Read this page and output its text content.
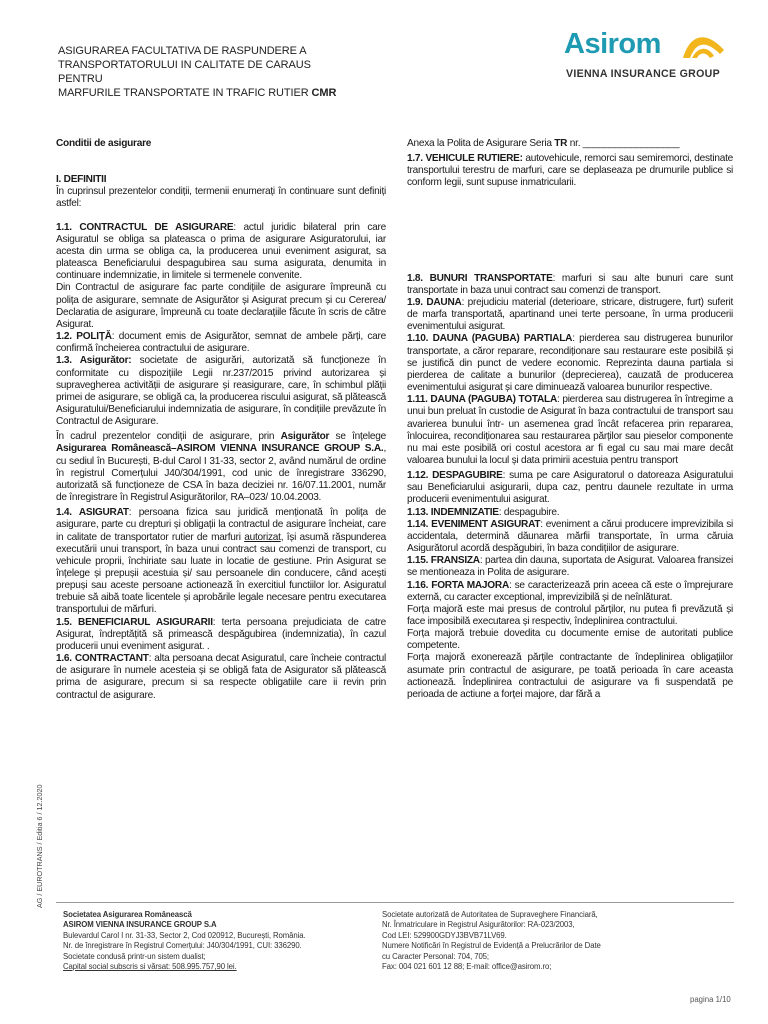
ASIGURAREA FACULTATIVA DE RASPUNDERE A
TRANSPORTATORULUI IN CALITATE DE CARAUS PENTRU
MARFURILE TRANSPORTATE IN TRAFIC RUTIER CMR
Asirom
VIENNA INSURANCE GROUP

Conditii de asigurare

I. DEFINITII

În cuprinsul prezentelor condiții, termenii enumerați în continuare sunt definiți astfel:

1.1. CONTRACTUL DE ASIGURARE: actul juridic bilateral prin care Asiguratul se obliga sa plateasca o prima de asigurare Asiguratorului, iar acesta din urma se obliga ca, la producerea unui eveniment asigurat, sa plateasca Beneficiarului despagubirea sau suma asigurata, denumita in continuare indemnizatie, in limitele si termenele convenite.

Din Contractul de asigurare fac parte condițiile de asigurare împreună cu polița de asigurare, semnate de Asigurător și Asigurat precum și cu Cererea/ Declaratia de asigurare, împreună cu toate declarațiile făcute în scris de către Asigurat.

1.2. POLIȚĂ: document emis de Asigurător, semnat de ambele părți, care confirmă încheierea contractului de asigurare.

1.3. Asigurător: societate de asigurări, autorizată să funcționeze în conformitate cu dispozițiile Legii nr.237/2015 privind autorizarea și supravegherea activității de asigurare și reasigurare, care, în schimbul plății primei de asigurare, se obligă ca, la producerea riscului asigurat, să plătească Asiguratului/Beneficiarului indemnizatia de asigurare, în condițiile prevăzute în Contractul de Asigurare.

În cadrul prezentelor condiții de asigurare, prin Asigurător se înțelege Asigurarea Românească–ASIROM VIENNA INSURANCE GROUP S.A., cu sediul în București, B-dul Carol I 31-33, sector 2, având numărul de ordine în registrul Comerțului J40/304/1991, cod unic de înregistrare 336290, autorizată să funcționeze de CSA în baza deciziei nr. 16/07.11.2001, număr de înregistrare în Registrul Asigurătorilor, RA–023/ 10.04.2003.

1.4. ASIGURAT: persoana fizica sau juridică menționată în polița de asigurare, parte cu drepturi și obligații la contractul de asigurare încheiat, care in calitate de transportator rutier de marfuri autorizat, își asumă răspunderea executării unui transport, în baza unui contract sau comenzi de transport, cu vehicule proprii, închiriate sau luate in locatie de gestiune. Prin Asigurat se înțelege și prepușii acestuia și/ sau persoanele din conducere, când acești prepuși sau aceste persoane actionează în exercitiul functiilor lor. Asiguratul trebuie să aibă toate licentele și aprobările legale necesare pentru executarea transportului de mărfuri.

1.5. BENEFICIARUL ASIGURARII: terta persoana prejudiciata de catre Asigurat, îndreptățită să primească despăgubirea (indemnizatia), în cazul producerii unui eveniment asigurat. .

1.6. CONTRACTANT: alta persoana decat Asiguratul, care încheie contractul de asigurare în numele acesteia și se obligă fata de Asigurator să plătească prima de asigurare, precum si sa respecte obligatiile care ii revin prin contractul de asigurare.

Anexa la Polita de Asigurare Seria TR nr. __________________

1.7. VEHICULE RUTIERE: autovehicule, remorci sau semiremorci, destinate transportului terestru de marfuri, care se deplaseaza pe drumurile publice si conform legii, sunt supuse inmatricularii.

1.8. BUNURI TRANSPORTATE: marfuri si sau alte bunuri care sunt transportate in baza unui contract sau comenzi de transport.

1.9. DAUNA: prejudiciu material (deterioare, stricare, distrugere, furt) suferit de marfa transportată, apartinand unei terte persoane, în urma producerii evenimentului asigurat.

1.10. DAUNA (PAGUBA) PARTIALA: pierderea sau distrugerea bunurilor transportate, a căror reparare, recondiționare sau restaurare este posibilă și se justifică din punct de vedere economic. Reprezinta dauna partiala si pierderea de calitate a bunurilor (deprecierea), cauzată de producerea evenimentului asigurat și care diminuează valoarea bunurilor respective.

1.11. DAUNA (PAGUBA) TOTALA: pierderea sau distrugerea în întregime a unui bun preluat în custodie de Asigurat în baza contractului de transport sau avarierea bunului într- un asemenea grad încât refacerea prin repararea, înlocuirea, recondiționarea sau restaurarea părților sau pieselor componente nu mai este posibilă ori costul acestora ar fi egal cu sau mai mare decât valoarea bunului la locul și data primirii acestuia pentru transport

1.12. DESPAGUBIRE: suma pe care Asiguratorul o datoreaza Asiguratului sau Beneficiarului asigurarii, dupa caz, pentru daunele rezultate in urma producerii evenimentului asigurat.

1.13. INDEMNIZATIE: despagubire.

1.14. EVENIMENT ASIGURAT: eveniment a cărui producere imprevizibila si accidentala, determină dăunarea mărfii transportate, în urma căruia Asigurătorul acordă despăgubiri, în baza condițiilor de asigurare.

1.15. FRANSIZA: partea din dauna, suportata de Asigurat. Valoarea fransizei se mentioneaza in Polita de asigurare.

1.16. FORTA MAJORA: se caracterizează prin aceea că este o împrejurare externă, cu caracter exceptional, imprevizibilă și de neînlăturat.

Forța majoră este mai presus de controlul părților, nu putea fi prevăzută și face imposibilă executarea și respectiv, îndeplinirea contractului.

Forța majoră trebuie dovedita cu documente emise de autoritati publice competente.

Forța majoră exonerează părțile contractante de îndeplinirea obligațiilor asumate prin contractul de asigurare, pe toată perioada în care aceasta actionează. Îndeplinirea contractului de asigurare va fi suspendată pe perioada de actiune a forței majore, dar fără a

AG / EUROTRANS / Editia 6 / 12.2020
Societatea Asigurarea Românească
ASIROM VIENNA INSURANCE GROUP S.A
Bulevardul Carol I nr. 31-33, Sector 2, Cod 020912, București, România.
Nr. de înregistrare în Registrul Comerțului: J40/304/1991, CUI: 336290.
Societate condusă printr-un sistem dualist;
Capital social subscris si vărsat: 508.995.757,90 lei.
Societate autorizată de Autoritatea de Supraveghere Financiară,
Nr. Înmatriculare in Registrul Asigurătorilor: RA-023/2003,
Cod LEI: 529900GDYJ3BVB71LV69.
Numere Notificări în Registrul de Evidență a Prelucrărilor de Date
cu Caracter Personal: 704, 705;
Fax: 004 021 601 12 88; E-mail: office@asirom.ro;
pagina 1/10
